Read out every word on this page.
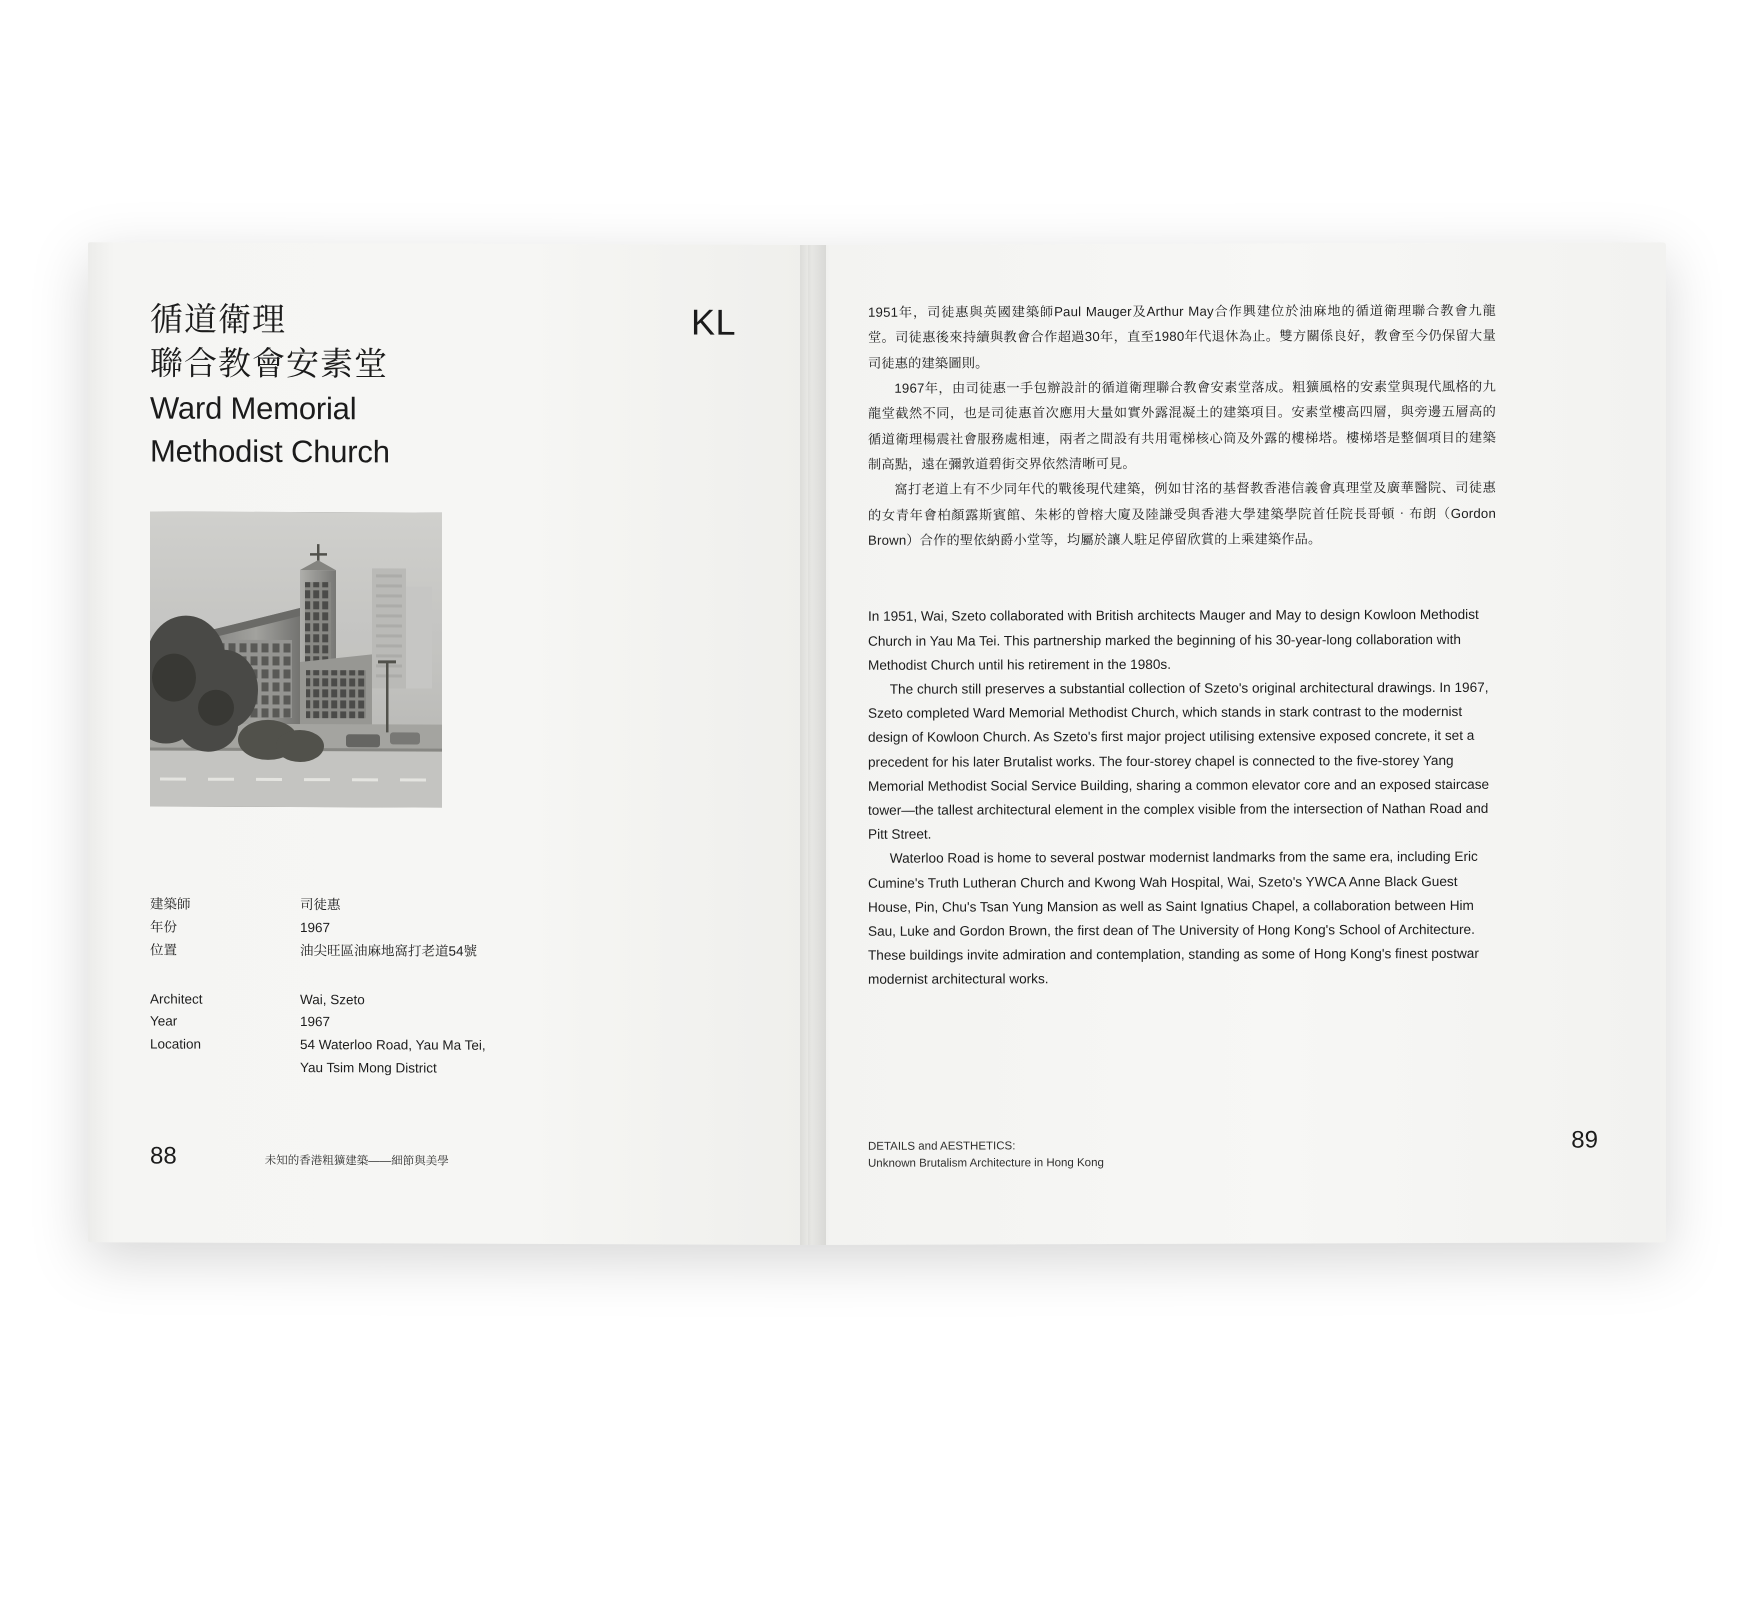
循道衛理
聯合教會安素堂
Ward Memorial
Methodist Church
KL
建築師	司徒惠
年份	1967
位置	油尖旺區油麻地窩打老道54號
Architect	Wai, Szeto
Year	1967
Location	54 Waterloo Road, Yau Ma Tei,
	Yau Tsim Mong District
88	未知的香港粗獷建築——細節與美學

1951年，司徒惠與英國建築師Paul Mauger及Arthur May合作興建位於油麻地的循道衛理聯合教會九龍堂。司徒惠後來持續與教會合作超過30年，直至1980年代退休為止。雙方關係良好，教會至今仍保留大量司徒惠的建築圖則。

1967年，由司徒惠一手包辦設計的循道衛理聯合教會安素堂落成。粗獷風格的安素堂與現代風格的九龍堂截然不同，也是司徒惠首次應用大量如實外露混凝土的建築項目。安素堂樓高四層，與旁邊五層高的循道衛理楊震社會服務處相連，兩者之間設有共用電梯核心筒及外露的樓梯塔。樓梯塔是整個項目的建築制高點，遠在彌敦道碧街交界依然清晰可見。

窩打老道上有不少同年代的戰後現代建築，例如甘洺的基督教香港信義會真理堂及廣華醫院、司徒惠的女青年會柏顏露斯賓館、朱彬的曾榕大廈及陸謙受與香港大學建築學院首任院長哥頓‧布朗（Gordon Brown）合作的聖依納爵小堂等，均屬於讓人駐足停留欣賞的上乘建築作品。

In 1951, Wai, Szeto collaborated with British architects Mauger and May to design Kowloon Methodist Church in Yau Ma Tei. This partnership marked the beginning of his 30-year-long collaboration with Methodist Church until his retirement in the 1980s.

The church still preserves a substantial collection of Szeto's original architectural drawings. In 1967, Szeto completed Ward Memorial Methodist Church, which stands in stark contrast to the modernist design of Kowloon Church. As Szeto's first major project utilising extensive exposed concrete, it set a precedent for his later Brutalist works. The four-storey chapel is connected to the five-storey Yang Memorial Methodist Social Service Building, sharing a common elevator core and an exposed staircase tower—the tallest architectural element in the complex visible from the intersection of Nathan Road and Pitt Street.

Waterloo Road is home to several postwar modernist landmarks from the same era, including Eric Cumine's Truth Lutheran Church and Kwong Wah Hospital, Wai, Szeto's YWCA Anne Black Guest House, Pin, Chu's Tsan Yung Mansion as well as Saint Ignatius Chapel, a collaboration between Him Sau, Luke and Gordon Brown, the first dean of The University of Hong Kong's School of Architecture. These buildings invite admiration and contemplation, standing as some of Hong Kong's finest postwar modernist architectural works.

DETAILS and AESTHETICS:
Unknown Brutalism Architecture in Hong Kong
89
